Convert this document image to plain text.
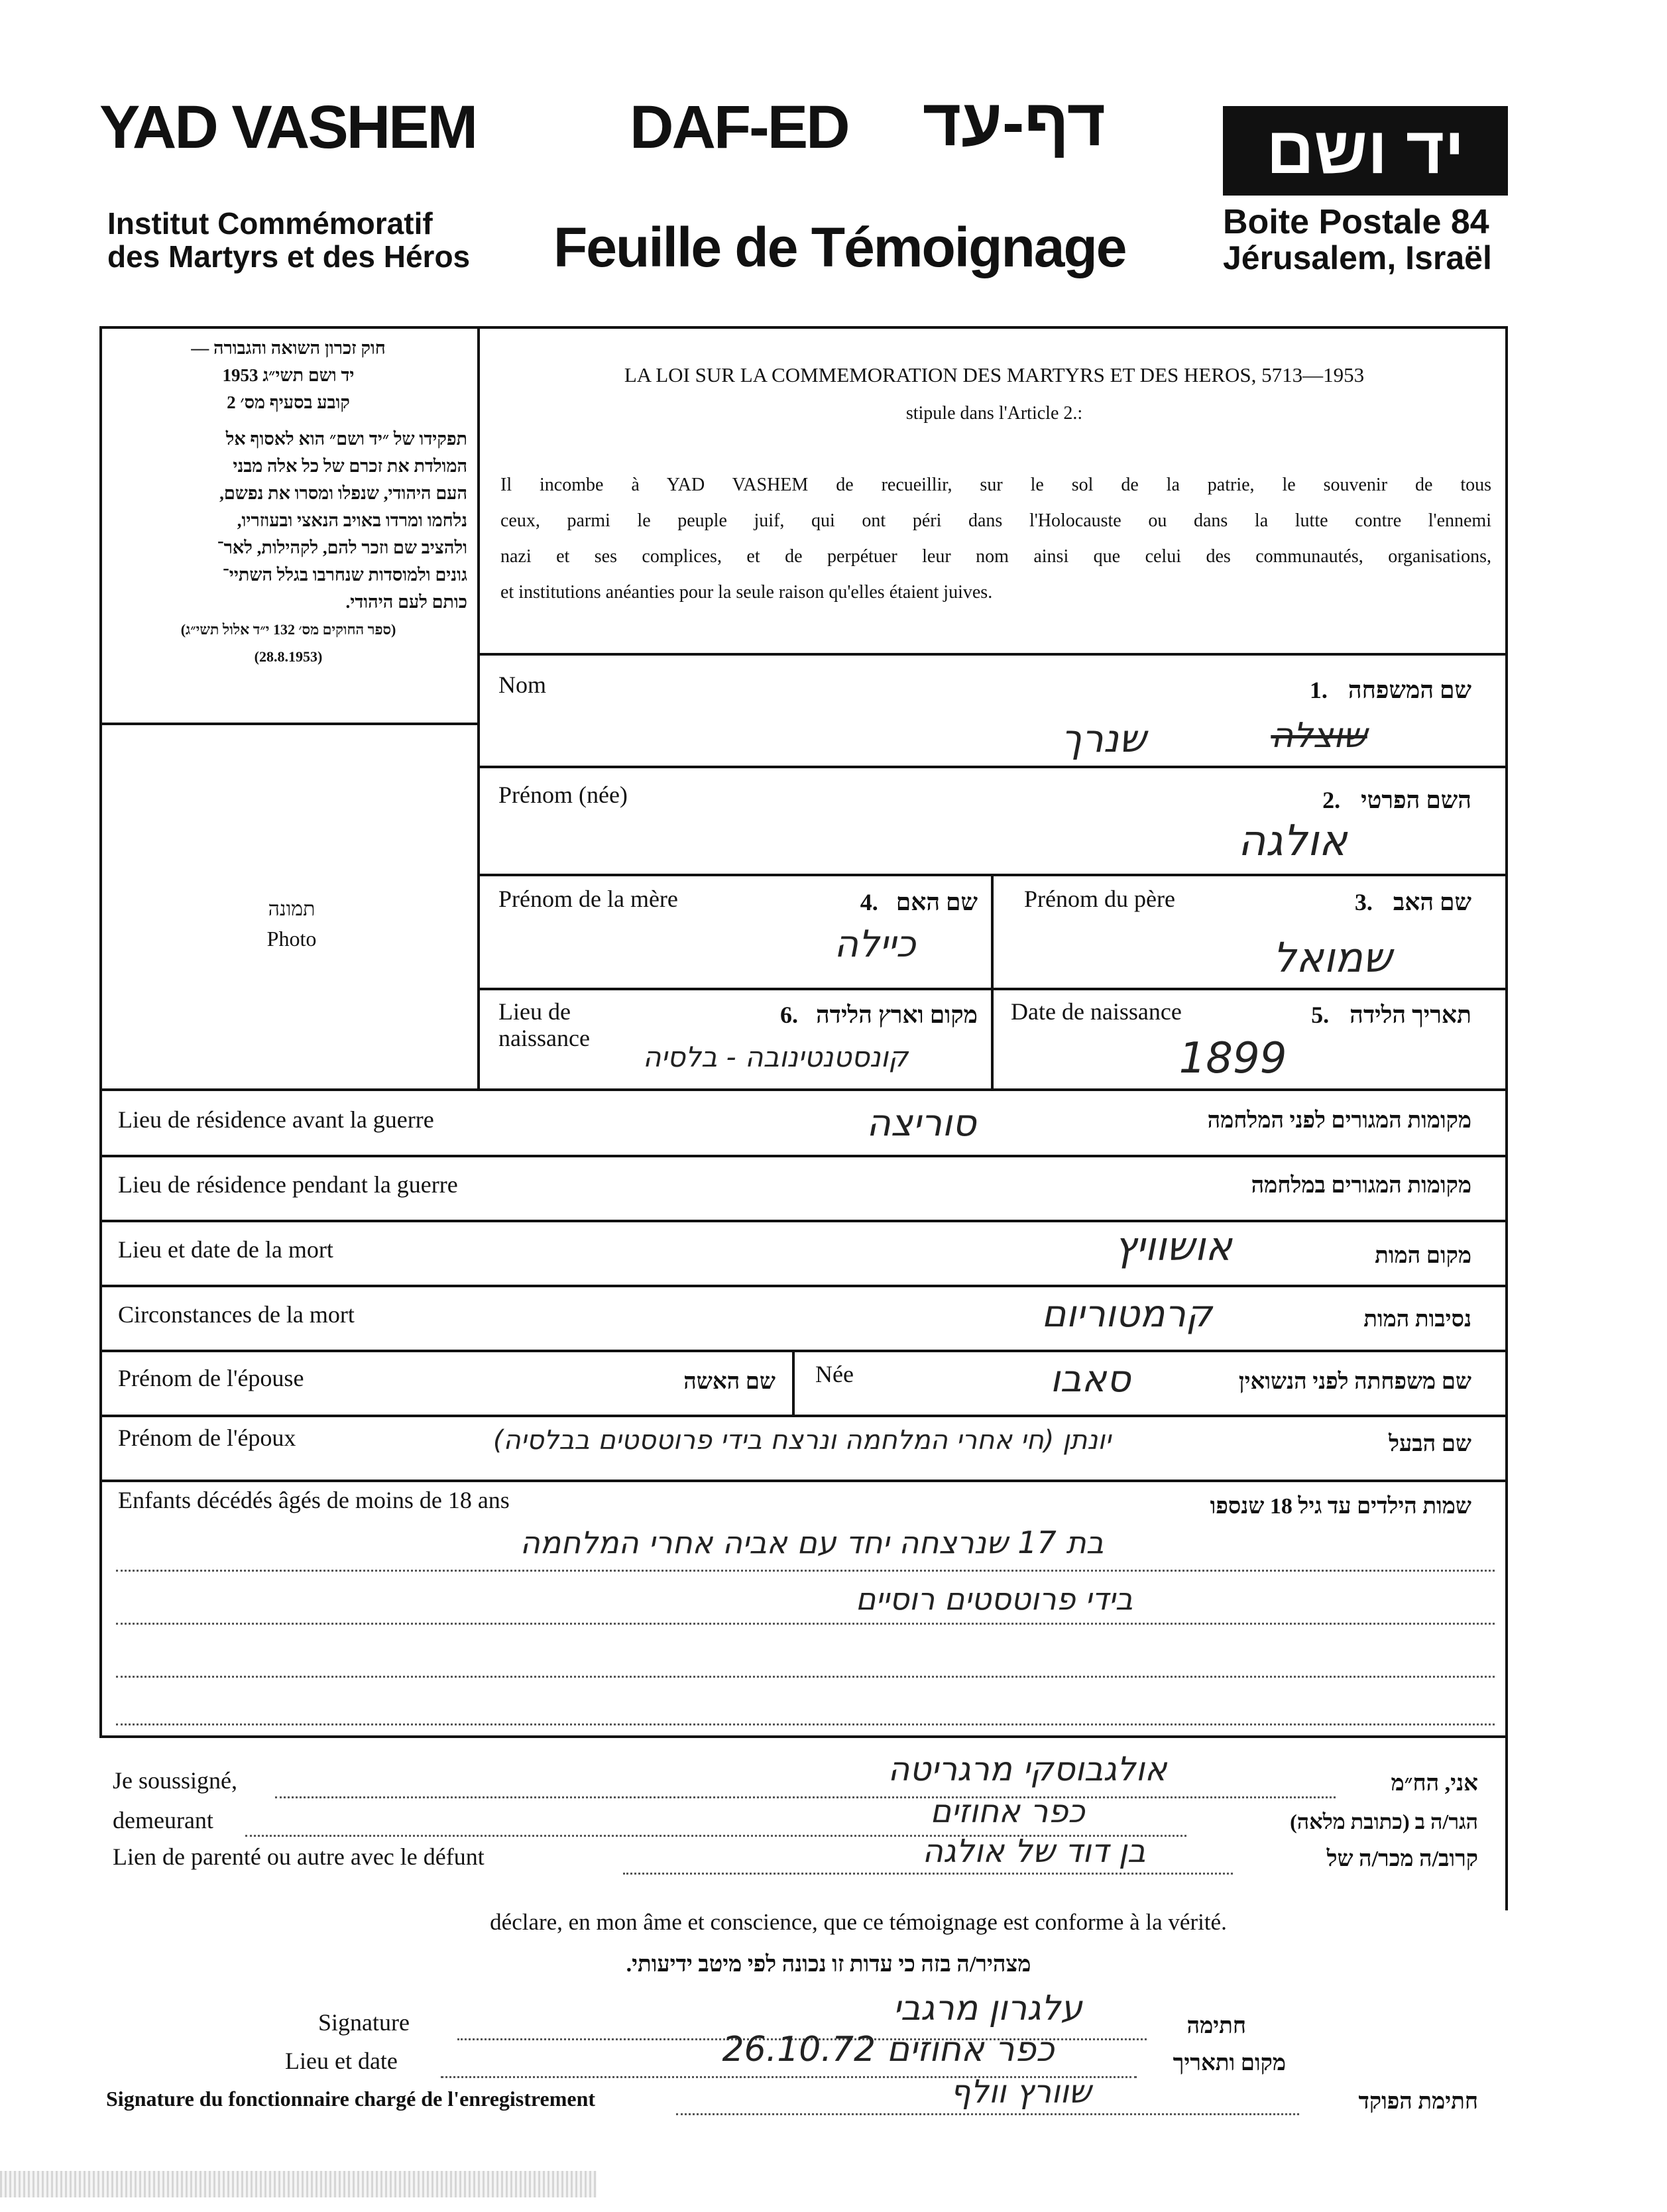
YAD VASHEM	DAF-ED	דף-עד	יד ושם
Institut Commémoratif
des Martyrs et des Héros Feuille de Témoignage	Boite Postale 84
Jérusalem, Israël
חוק זכרון השואה והגבורה —
יד ושם תשי״ג 1953
קובע בסעיף מס׳ 2
תפקידו של ״יד ושם״ הוא לאסוף אל
המולדת את זכרם של כל אלה מבני
העם היהודי, שנפלו ומסרו את נפשם,
נלחמו ומרדו באויב הנאצי ובעוזריו,
ולהציב שם וזכר להם, לקהילות, לאר־
גונים ולמוסדות שנחרבו בגלל השתיי־
כותם לעם היהודי.
(ספר החוקים מס׳ 132 י״ד אלול תשי״ג)
(28.8.1953)
תמונה
Photo
LA LOI SUR LA COMMEMORATION DES MARTYRS ET DES HEROS, 5713—1953
stipule dans l'Article 2.:
Il incombe à YAD VASHEM de recueillir, sur le sol de la patrie, le souvenir de tous
ceux, parmi le peuple juif, qui ont péri dans l'Holocauste ou dans la lutte contre l'ennemi
nazi et ses complices, et de perpétuer leur nom ainsi que celui des communautés, organisations,
et institutions anéanties pour la seule raison qu'elles étaient juives.
Nom	שם המשפחה .1
שנרך	שוצלה
Prénom (née)	השם הפרטי .2
אולגה
Prénom de la mère	שם האם .4
כיילה
Prénom du père	שם האב .3
שמואל
Lieu de
naissance
מקום וארץ הלידה .6
קונסטנטינובה - בלסיה
Date de naissance	תאריך הלידה .5
1899
Lieu de résidence avant la guerre	מקומות המגורים לפני המלחמה
סוריצה
Lieu de résidence pendant la guerre	מקומות המגורים במלחמה
Lieu et date de la mort	מקום המות
אושוויץ
Circonstances de la mort	נסיבות המות
קרמטוריום
Prénom de l'épouse	שם האשה Née	שם משפחתה לפני הנשואין
סאבו
Prénom de l'époux	שם הבעל
יונתן (חי אחרי המלחמה ונרצח בידי פרוטסטים בבלסיה)
Enfants décédés âgés de moins de 18 ans	שמות הילדים עד גיל 18 שנספו
בת 17 שנרצחה יחד עם אביה אחרי המלחמה
בידי פרוטסטים רוסיים
Je soussigné,	אולגבוסקי מרגריטה	אני, הח״מ
demeurant	כפר אחוזים	הגר/ה ב (כתובת מלאה)
Lien de parenté ou autre avec le défunt	בן דוד של אולגה	קרוב/ה מכר/ה של
déclare, en mon âme et conscience, que ce témoignage est conforme à la vérité.
מצהיר/ה בזה כי עדות זו נכונה לפי מיטב ידיעותי.
Signature	עלגרון מרגבי	חתימה
Lieu et date	26.10.72 כפר אחוזים	מקום ותאריך
Signature du fonctionnaire chargé de l'enregistrement	שוורץ וולף	חתימת הפוקד
